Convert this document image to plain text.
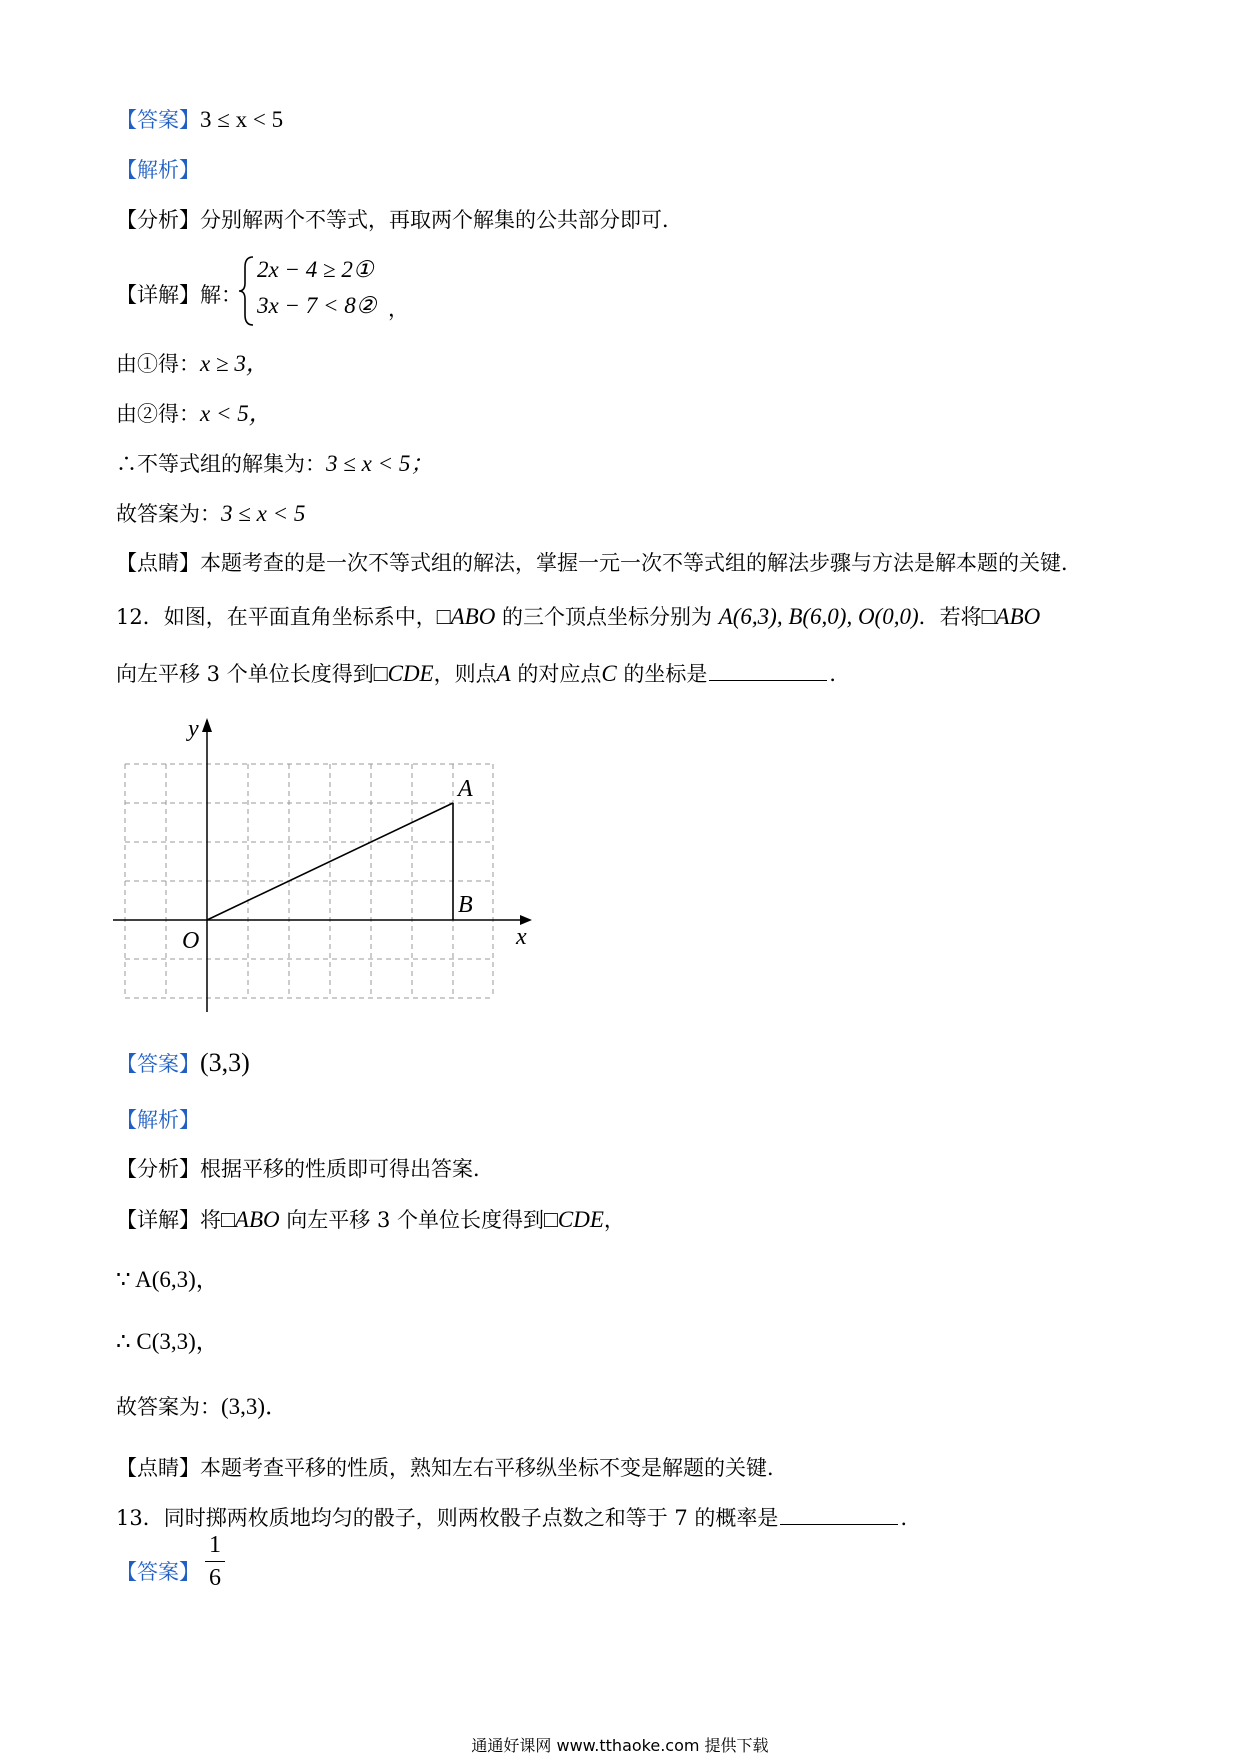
【答案】3 ≤ x < 5
【解析】
【分析】分别解两个不等式，再取两个解集的公共部分即可．
【详解】解：
2x − 4 ≥ 2①
3x − 7 < 8② ，
由①得：x ≥ 3，
由②得：x < 5，
∴不等式组的解集为：3 ≤ x < 5；
故答案为：3 ≤ x < 5
【点睛】本题考查的是一次不等式组的解法，掌握一元一次不等式组的解法步骤与方法是解本题的关键．
12．如图，在平面直角坐标系中，□ABO 的三个顶点坐标分别为 A(6,3), B(6,0), O(0,0)．若将□ABO
向左平移 3 个单位长度得到□CDE，则点A 的对应点C 的坐标是	．
y
x
O
A
B
【答案】(3,3)
【解析】
【分析】根据平移的性质即可得出答案．
【详解】将□ABO 向左平移 3 个单位长度得到□CDE，
∵ A(6,3)，
∴ C(3,3)，
故答案为：(3,3)．
【点睛】本题考查平移的性质，熟知左右平移纵坐标不变是解题的关键．
13．同时掷两枚质地均匀的骰子，则两枚骰子点数之和等于 7 的概率是	．
【答案】 $\frac{1}{6}$
通通好课网 www.tthaoke.com 提供下载
